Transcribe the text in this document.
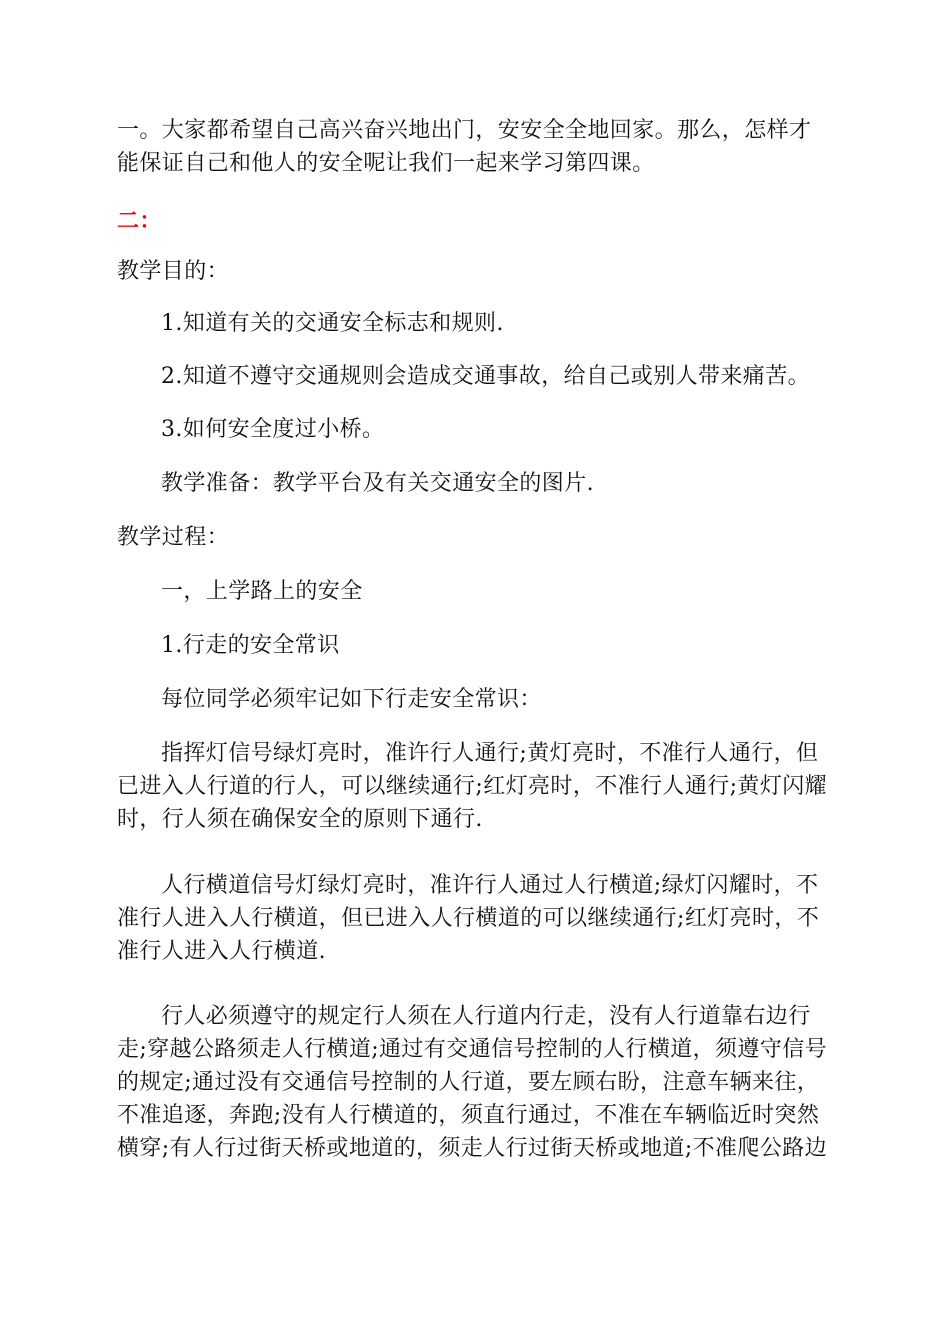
一。大家都希望自己高兴奋兴地出门，安安全全地回家。那么，怎样才能保证自己和他人的安全呢让我们一起来学习第四课。
二：
教学目的：
1.知道有关的交通安全标志和规则.
2.知道不遵守交通规则会造成交通事故，给自己或别人带来痛苦。
3.如何安全度过小桥。
教学准备：教学平台及有关交通安全的图片.
教学过程：
一，上学路上的安全
1.行走的安全常识
每位同学必须牢记如下行走安全常识：
指挥灯信号绿灯亮时，准许行人通行;黄灯亮时，不准行人通行，但已进入人行道的行人，可以继续通行;红灯亮时，不准行人通行;黄灯闪耀时，行人须在确保安全的原则下通行.
人行横道信号灯绿灯亮时，准许行人通过人行横道;绿灯闪耀时，不准行人进入人行横道，但已进入人行横道的可以继续通行;红灯亮时，不准行人进入人行横道.
行人必须遵守的规定行人须在人行道内行走，没有人行道靠右边行走;穿越公路须走人行横道;通过有交通信号控制的人行横道，须遵守信号的规定;通过没有交通信号控制的人行道，要左顾右盼，注意车辆来往，不准追逐，奔跑;没有人行横道的，须直行通过，不准在车辆临近时突然横穿;有人行过街天桥或地道的，须走人行过街天桥或地道;不准爬公路边
